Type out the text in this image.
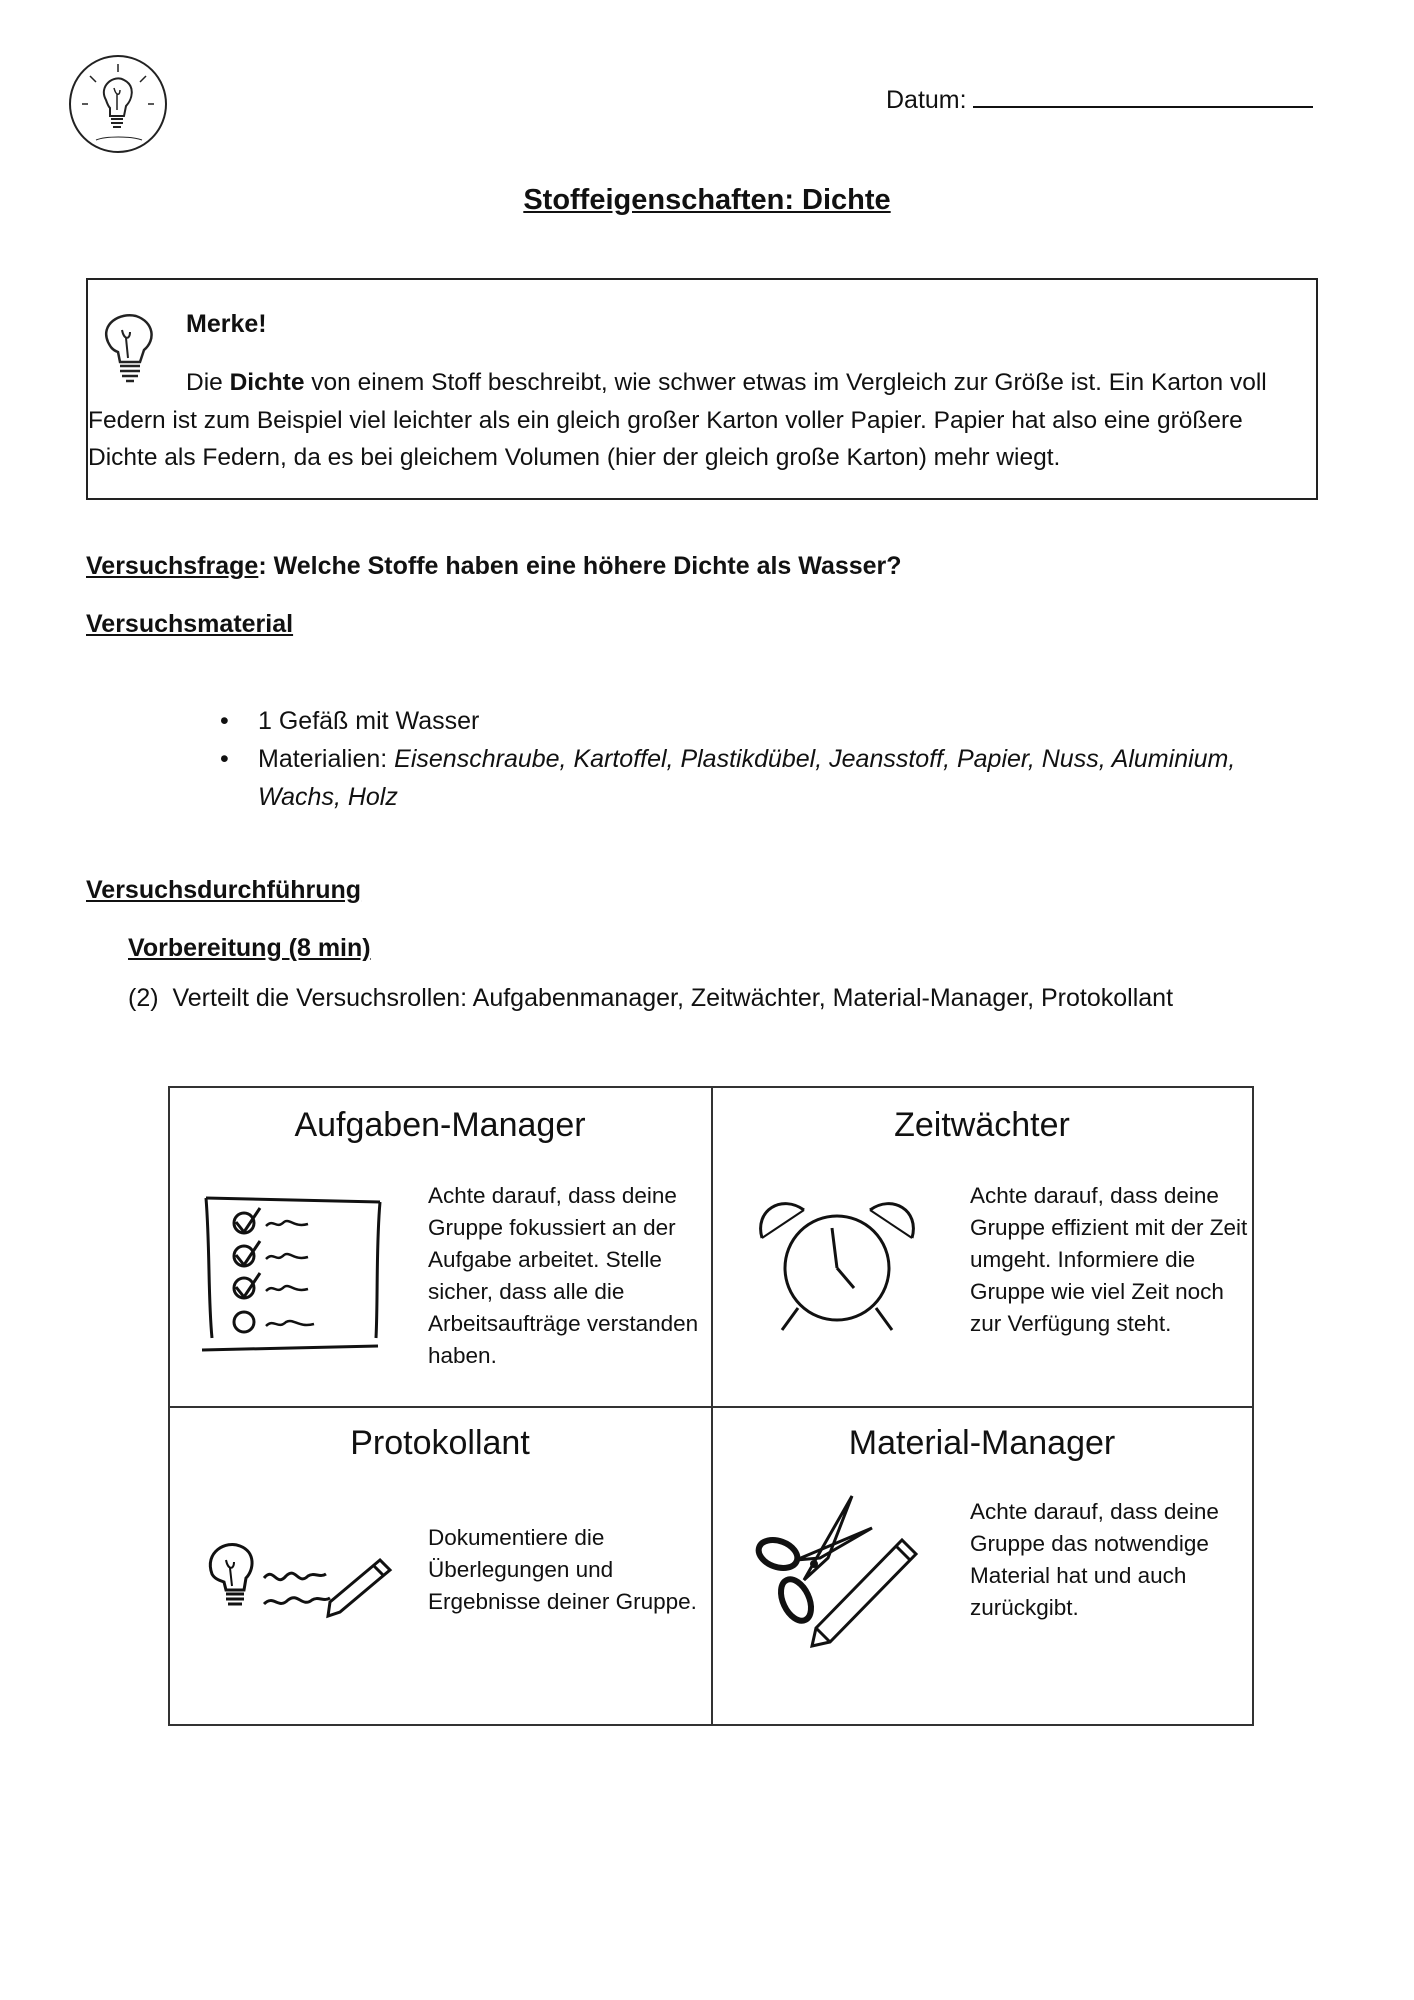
Datum:
Stoffeigenschaften: Dichte
Merke!
Die Dichte von einem Stoff beschreibt, wie schwer etwas im Vergleich zur Größe ist. Ein Karton voll Federn ist zum Beispiel viel leichter als ein gleich großer Karton voller Papier. Papier hat also eine größere Dichte als Federn, da es bei gleichem Volumen (hier der gleich große Karton) mehr wiegt.
Versuchsfrage: Welche Stoffe haben eine höhere Dichte als Wasser?
Versuchsmaterial
• 1 Gefäß mit Wasser
• Materialien: Eisenschraube, Kartoffel, Plastikdübel, Jeansstoff, Papier, Nuss, Aluminium, Wachs, Holz
Versuchsdurchführung
Vorbereitung (8 min)
(2) Verteilt die Versuchsrollen: Aufgabenmanager, Zeitwächter, Material-Manager, Protokollant
Aufgaben-Manager
Achte darauf, dass deine Gruppe fokussiert an der Aufgabe arbeitet. Stelle sicher, dass alle die Arbeitsaufträge verstanden haben.
Zeitwächter
Achte darauf, dass deine Gruppe effizient mit der Zeit umgeht. Informiere die Gruppe wie viel Zeit noch zur Verfügung steht.
Protokollant
Dokumentiere die Überlegungen und Ergebnisse deiner Gruppe.
Material-Manager
Achte darauf, dass deine Gruppe das notwendige Material hat und auch zurückgibt.
